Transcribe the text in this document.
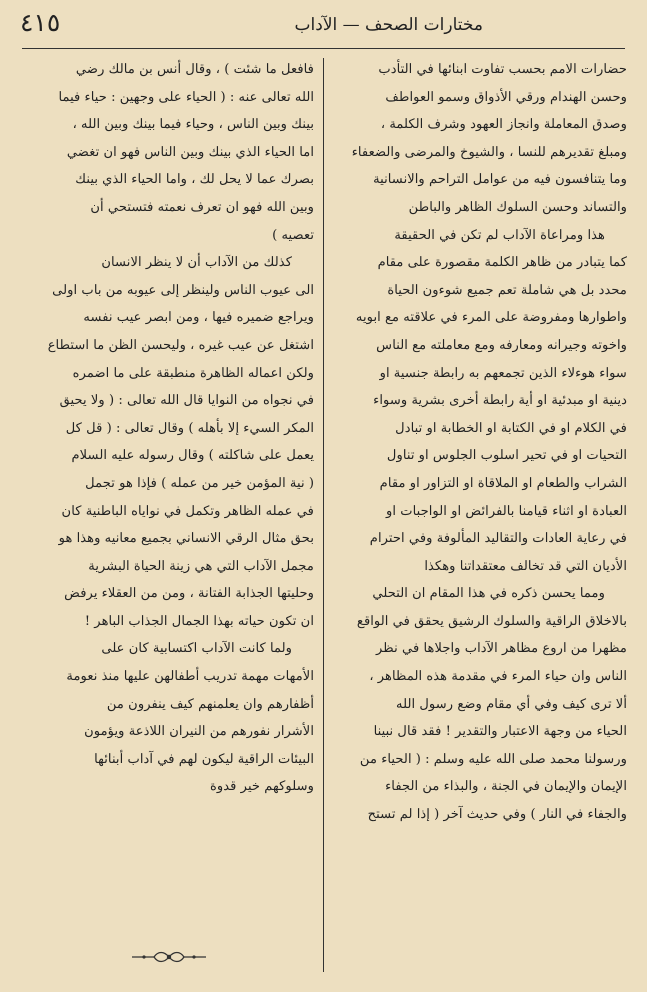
٤١٥	مختارات الصحف — الآداب
حضارات الامم بحسب تفاوت ابنائها في التأدب
وحسن الهندام ورقي الأذواق وسمو العواطف
وصدق المعاملة وانجاز العهود وشرف الكلمة ،
ومبلغ تقديرهم للنسا ، والشيوخ والمرضى والضعفاء
وما يتنافسون فيه من عوامل التراحم والانسانية
والتساند وحسن السلوك الظاهر والباطن
هذا ومراعاة الآداب لم تكن في الحقيقة
كما يتبادر من ظاهر الكلمة مقصورة على مقام
محدد بل هي شاملة تعم جميع شوءون الحياة
واطوارها ومفروضة على المرء في علاقته مع ابويه
واخوته وجيرانه ومعارفه ومع معاملته مع الناس
سواء هوءلاء الذين تجمعهم به رابطة جنسية او
دينية او مبدئية او أية رابطة أخرى بشرية وسواء
في الكلام او في الكتابة او الخطابة او تبادل
التحيات او في تحير اسلوب الجلوس او تناول
الشراب والطعام او الملاقاة او التزاور او مقام
العبادة او اثناء قيامنا بالفرائض او الواجبات او
في رعاية العادات والتقاليد المألوفة وفي احترام
الأديان التي قد تخالف معتقداتنا وهكذا
ومما يحسن ذكره في هذا المقام ان التحلي
بالاخلاق الراقية والسلوك الرشيق يحقق في الواقع
مظهرا من اروع مظاهر الآداب واجلاها في نظر
الناس وان حياء المرء في مقدمة هذه المظاهر ،
ألا ترى كيف وفي أي مقام وضع رسول الله
الحياء من وجهة الاعتبار والتقدير ! فقد قال نبينا
ورسولنا محمد صلى الله عليه وسلم : ( الحياء من
الإيمان والإيمان في الجنة ، والبذاء من الجفاء
والجفاء في النار ) وفي حديث آخر ( إذا لم تستح
فافعل ما شئت ) ، وقال أنس بن مالك رضي
الله تعالى عنه : ( الحياء على وجهين : حياء فيما
بينك وبين الناس ، وحياء فيما بينك وبين الله ،
اما الحياء الذي بينك وبين الناس فهو ان تغضي
بصرك عما لا يحل لك ، واما الحياء الذي بينك
وبين الله فهو ان تعرف نعمته فتستحي أن
تعصيه )
كذلك من الآداب أن لا ينظر الانسان
الى عيوب الناس ولينظر إلى عيوبه من باب اولى
ويراجع ضميره فيها ، ومن ابصر عيب نفسه
اشتغل عن عيب غيره ، وليحسن الظن ما استطاع
ولكن اعماله الظاهرة منطبقة على ما اضمره
في نجواه من النوايا قال الله تعالى : ( ولا يحيق
المكر السيء إلا بأهله ) وقال تعالى : ( قل كل
يعمل على شاكلته ) وقال رسوله عليه السلام
( نية المؤمن خير من عمله ) فإذا هو تجمل
في عمله الظاهر وتكمل في نواياه الباطنية كان
بحق مثال الرقي الانساني بجميع معانيه وهذا هو
مجمل الآداب التي هي زينة الحياة البشرية
وحليتها الجذابة الفتانة ، ومن من العقلاء يرفض
ان تكون حياته بهذا الجمال الجذاب الباهر !
ولما كانت الآداب اكتسابية كان على
الأمهات مهمة تدريب أطفالهن عليها منذ نعومة
أظفارهم وان يعلمنهم كيف ينفرون من
الأشرار نفورهم من النيران اللاذعة ويؤمون
البيئات الراقية ليكون لهم في آداب أبنائها
وسلوكهم خير قدوة
